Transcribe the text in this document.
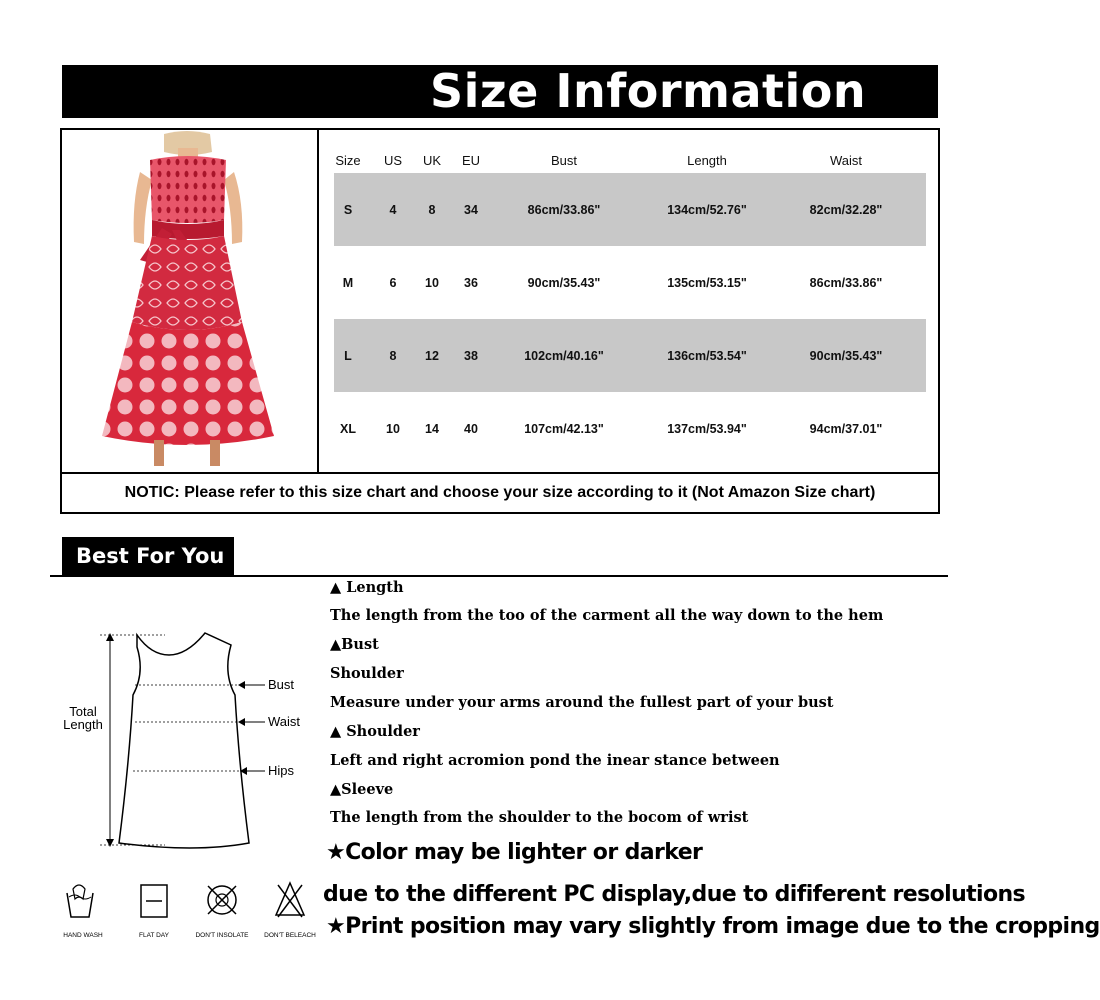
Size Information
Size	US	UK	EU	Bust	Length	Waist
S	4	8	34	86cm/33.86"	134cm/52.76"	82cm/32.28"
M	6	10	36	90cm/35.43"	135cm/53.15"	86cm/33.86"
L	8	12	38	102cm/40.16"	136cm/53.54"	90cm/35.43"
XL	10	14	40	107cm/42.13"	137cm/53.94"	94cm/37.01"
NOTIC: Please refer to this size chart and choose your size according to it (Not Amazon Size chart)
Best For You
Total
Length
Bust
Waist
Hips
HAND WASH	FLAT DAY	DON'T INSOLATE DON'T BELEACH
▲ Length
The length from the too of the carment all the way down to the hem
▲Bust
Shoulder
Measure under your arms around the fullest part of your bust
▲ Shoulder
Left and right acromion pond the inear stance between
▲Sleeve
The length from the shoulder to the bocom of wrist
★Color may be lighter or darker
due to the different PC display,due to dififerent resolutions
★Print position may vary slightly from image due to the cropping
